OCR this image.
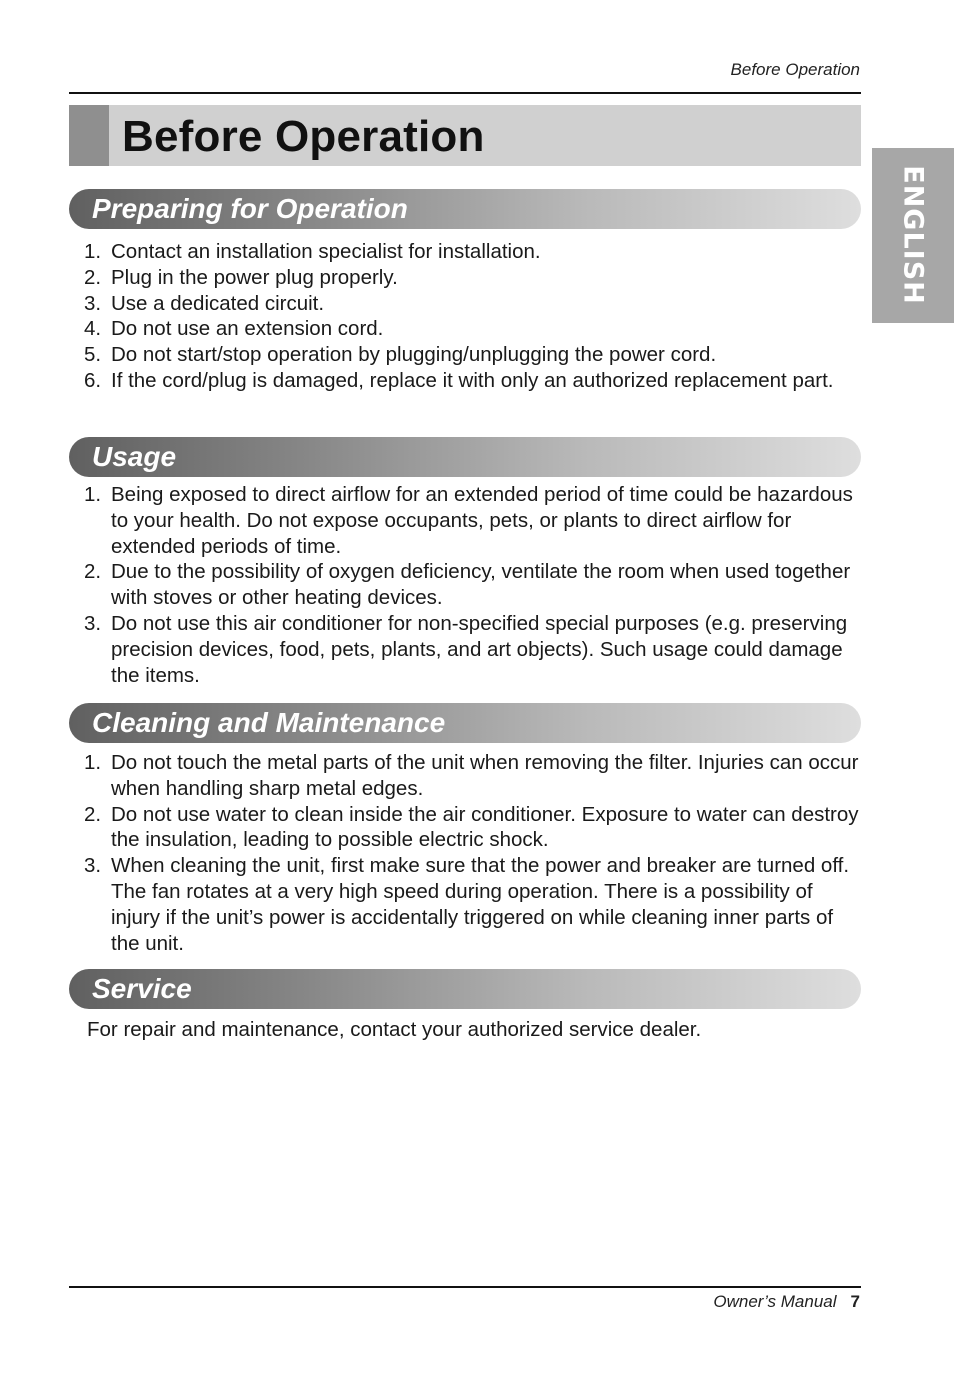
Before Operation
Before Operation
ENGLISH
Preparing for Operation
1. Contact an installation specialist for installation.
2. Plug in the power plug properly.
3. Use a dedicated circuit.
4. Do not use an extension cord.
5. Do not start/stop operation by plugging/unplugging the power cord.
6. If the cord/plug is damaged, replace it with only an authorized replacement part.
Usage
1. Being exposed to direct airflow for an extended period of time could be hazardous to your health. Do not expose occupants, pets, or plants to direct airflow for extended periods of time.
2. Due to the possibility of oxygen deficiency, ventilate the room when used together with stoves or other heating devices.
3. Do not use this air conditioner for non-specified special purposes (e.g. preserving precision devices, food, pets, plants, and art objects). Such usage could damage the items.
Cleaning and Maintenance
1. Do not touch the metal parts of the unit when removing the filter. Injuries can occur when handling sharp metal edges.
2. Do not use water to clean inside the air conditioner. Exposure to water can destroy the insulation, leading to possible electric shock.
3. When cleaning the unit, first make sure that the power and breaker are turned off. The fan rotates at a very high speed during operation. There is a possibility of injury if the unit’s power is accidentally triggered on while cleaning inner parts of the unit.
Service
For repair and maintenance, contact your authorized service dealer.
Owner’s Manual 7
